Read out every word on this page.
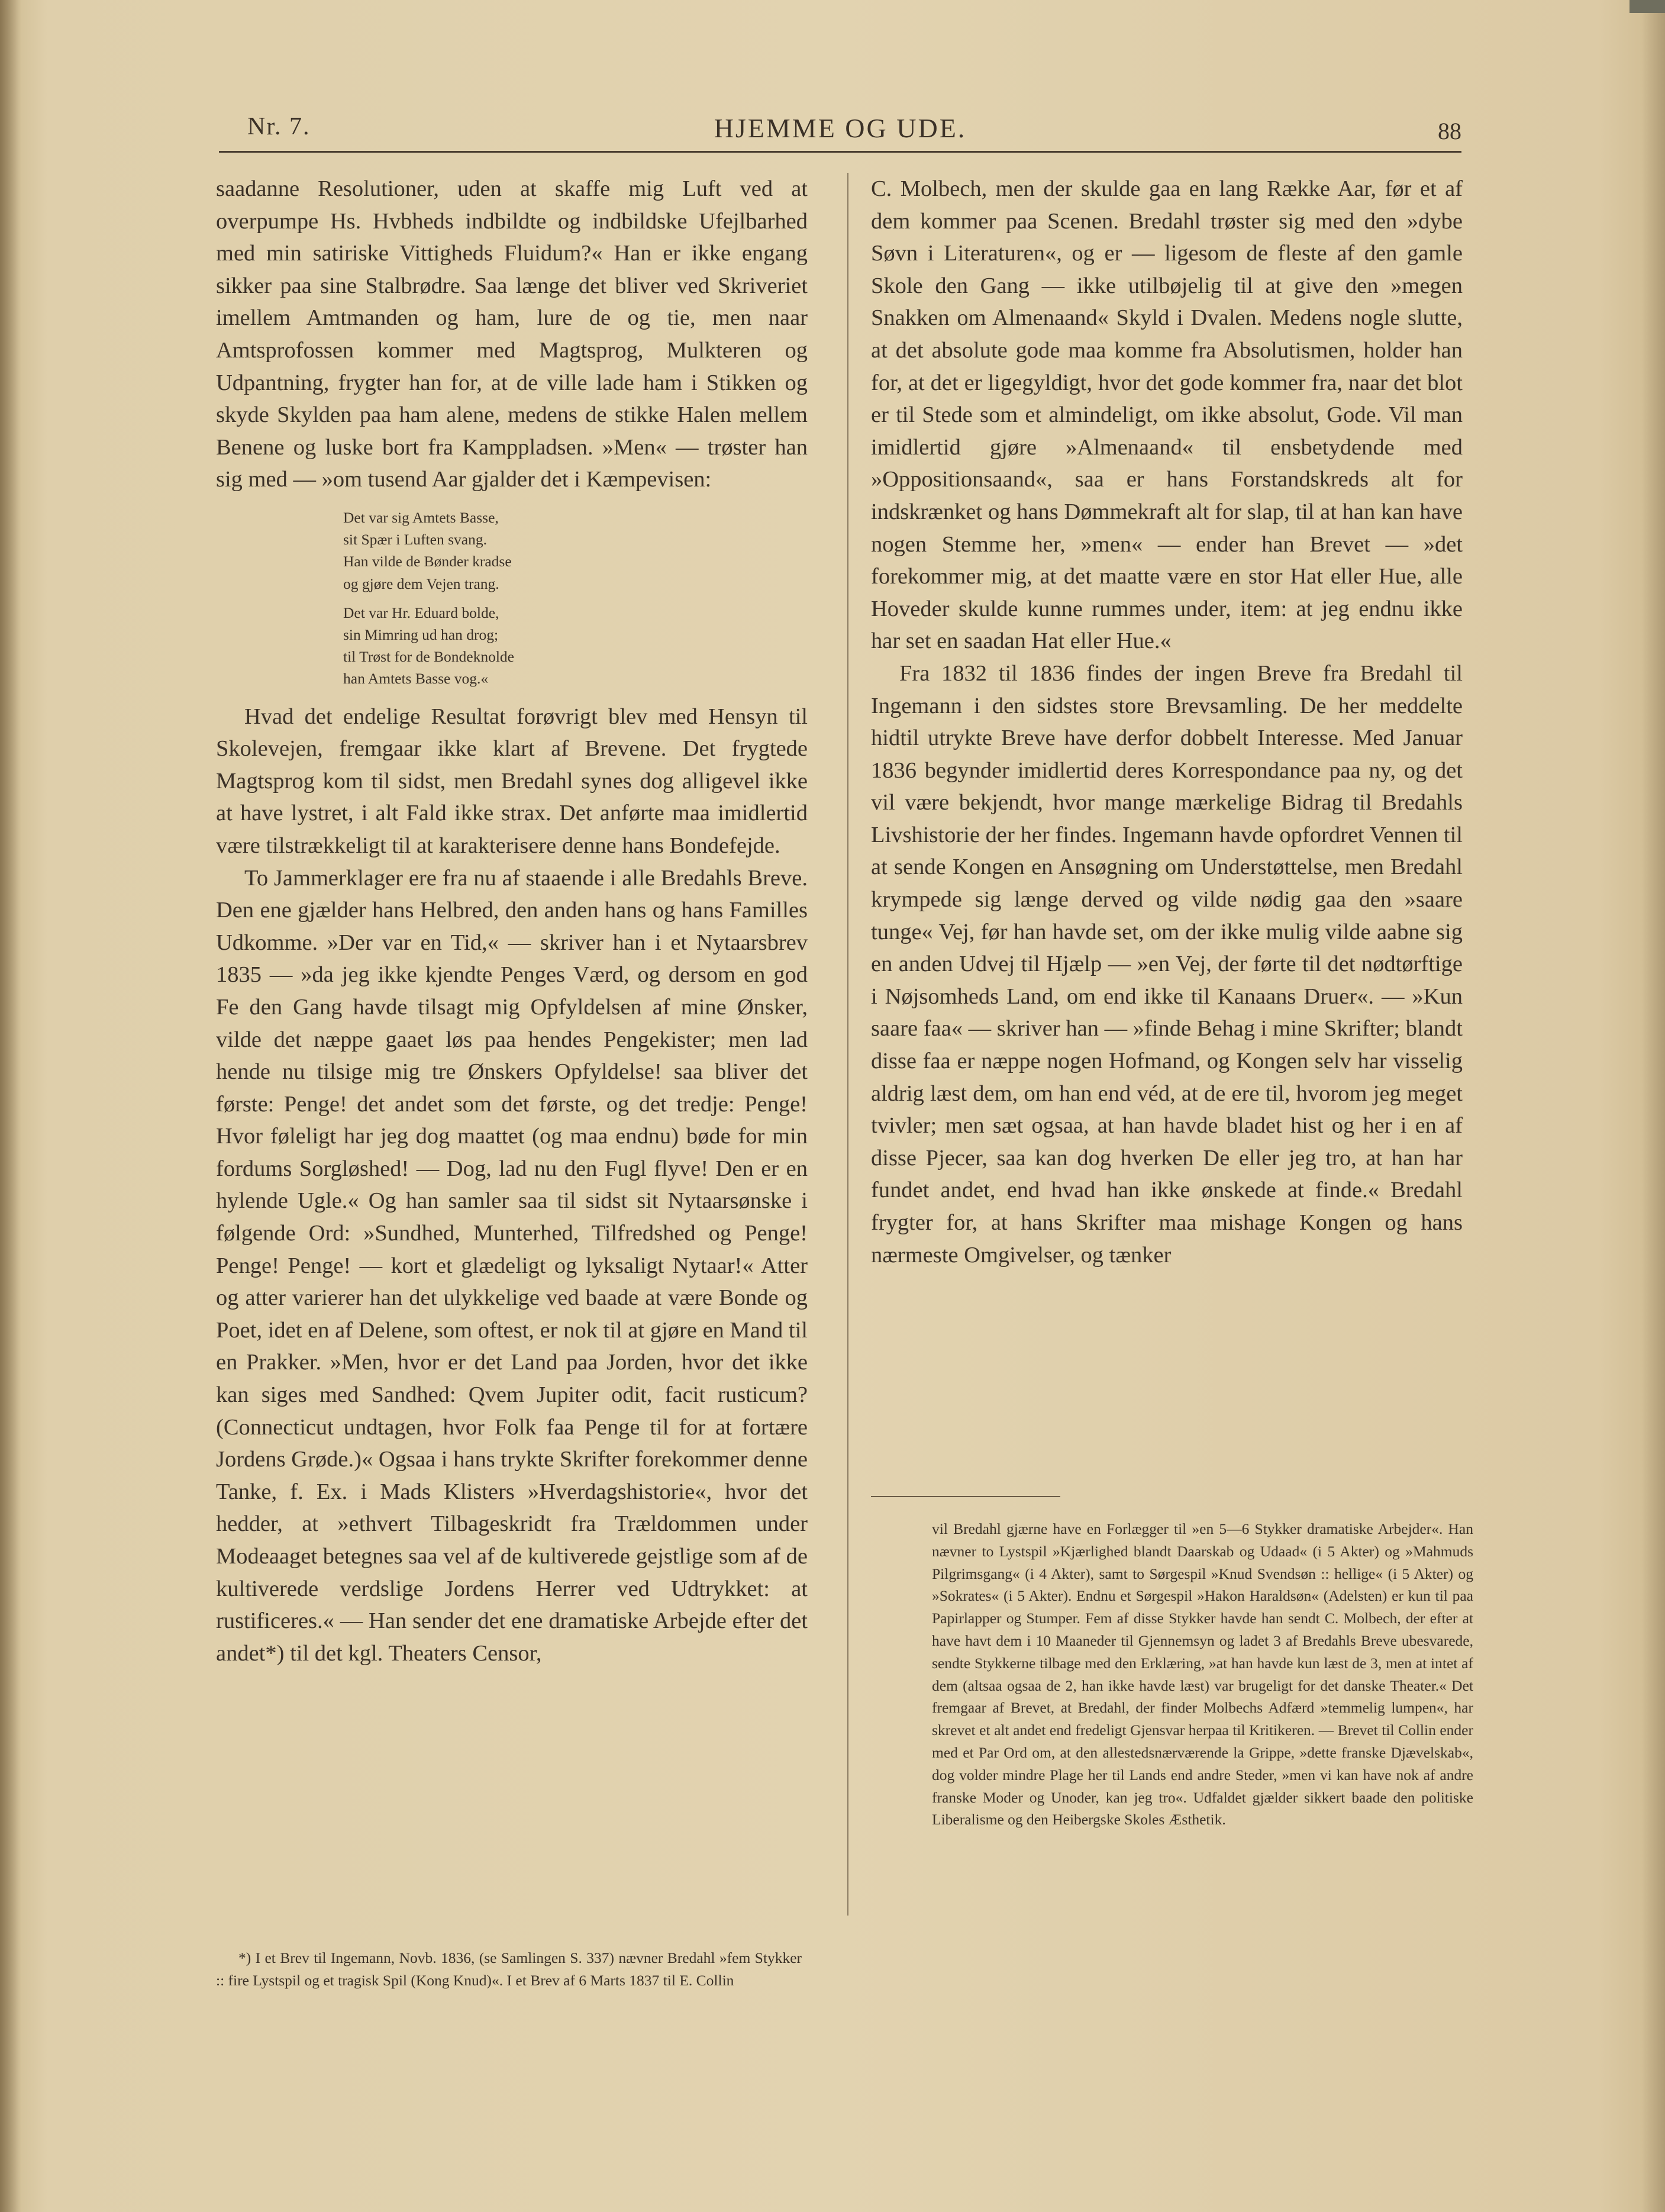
Nr. 7.	HJEMME OG UDE.	88

saadanne Resolutioner, uden at skaffe mig Luft ved at overpumpe Hs. Hvbheds indbildte og indbildske Ufejlbarhed med min satiriske Vittigheds Fluidum?« Han er ikke engang sikker paa sine Stalbrødre. Saa længe det bliver ved Skriveriet imellem Amtmanden og ham, lure de og tie, men naar Amtsprofossen kommer med Magtsprog, Mulkteren og Udpantning, frygter han for, at de ville lade ham i Stikken og skyde Skylden paa ham alene, medens de stikke Halen mellem Benene og luske bort fra Kamppladsen. »Men« — trøster han sig med — »om tusend Aar gjalder det i Kæmpevisen:

Det var sig Amtets Basse,
sit Spær i Luften svang.
Han vilde de Bønder kradse
og gjøre dem Vejen trang.
Det var Hr. Eduard bolde,
sin Mimring ud han drog;
til Trøst for de Bondeknolde
han Amtets Basse vog.«

Hvad det endelige Resultat forøvrigt blev med Hensyn til Skolevejen, fremgaar ikke klart af Brevene. Det frygtede Magtsprog kom til sidst, men Bredahl synes dog alligevel ikke at have lystret, i alt Fald ikke strax. Det anførte maa imidlertid være tilstrækkeligt til at karakterisere denne hans Bondefejde.

To Jammerklager ere fra nu af staaende i alle Bredahls Breve. Den ene gjælder hans Helbred, den anden hans og hans Familles Udkomme. »Der var en Tid,« — skriver han i et Nytaarsbrev 1835 — »da jeg ikke kjendte Penges Værd, og dersom en god Fe den Gang havde tilsagt mig Opfyldelsen af mine Ønsker, vilde det næppe gaaet løs paa hendes Pengekister; men lad hende nu tilsige mig tre Ønskers Opfyldelse! saa bliver det første: Penge! det andet som det første, og det tredje: Penge! Hvor føleligt har jeg dog maattet (og maa endnu) bøde for min fordums Sorgløshed! — Dog, lad nu den Fugl flyve! Den er en hylende Ugle.« Og han samler saa til sidst sit Nytaarsønske i følgende Ord: »Sundhed, Munterhed, Tilfredshed og Penge! Penge! Penge! — kort et glædeligt og lyksaligt Nytaar!« Atter og atter varierer han det ulykkelige ved baade at være Bonde og Poet, idet en af Delene, som oftest, er nok til at gjøre en Mand til en Prakker. »Men, hvor er det Land paa Jorden, hvor det ikke kan siges med Sandhed: Qvem Jupiter odit, facit rusticum? (Connecticut undtagen, hvor Folk faa Penge til for at fortære Jordens Grøde.)« Ogsaa i hans trykte Skrifter forekommer denne Tanke, f. Ex. i Mads Klisters »Hverdagshistorie«, hvor det hedder, at »ethvert Tilbageskridt fra Trældommen under Modeaaget betegnes saa vel af de kultiverede gejstlige som af de kultiverede verdslige Jordens Herrer ved Udtrykket: at rustificeres.« — Han sender det ene dramatiske Arbejde efter det andet*) til det kgl. Theaters Censor,

C. Molbech, men der skulde gaa en lang Række Aar, før et af dem kommer paa Scenen. Bredahl trøster sig med den »dybe Søvn i Literaturen«, og er — ligesom de fleste af den gamle Skole den Gang — ikke utilbøjelig til at give den »megen Snakken om Almenaand« Skyld i Dvalen. Medens nogle slutte, at det absolute gode maa komme fra Absolutismen, holder han for, at det er ligegyldigt, hvor det gode kommer fra, naar det blot er til Stede som et almindeligt, om ikke absolut, Gode. Vil man imidlertid gjøre »Almenaand« til ensbetydende med »Oppositionsaand«, saa er hans Forstandskreds alt for indskrænket og hans Dømmekraft alt for slap, til at han kan have nogen Stemme her, »men« — ender han Brevet — »det forekommer mig, at det maatte være en stor Hat eller Hue, alle Hoveder skulde kunne rummes under, item: at jeg endnu ikke har set en saadan Hat eller Hue.«

Fra 1832 til 1836 findes der ingen Breve fra Bredahl til Ingemann i den sidstes store Brevsamling. De her meddelte hidtil utrykte Breve have derfor dobbelt Interesse. Med Januar 1836 begynder imidlertid deres Korrespondance paa ny, og det vil være bekjendt, hvor mange mærkelige Bidrag til Bredahls Livshistorie der her findes. Ingemann havde opfordret Vennen til at sende Kongen en Ansøgning om Understøttelse, men Bredahl krympede sig længe derved og vilde nødig gaa den »saare tunge« Vej, før han havde set, om der ikke mulig vilde aabne sig en anden Udvej til Hjælp — »en Vej, der førte til det nødtørftige i Nøjsomheds Land, om end ikke til Kanaans Druer«. — »Kun saare faa« — skriver han — »finde Behag i mine Skrifter; blandt disse faa er næppe nogen Hofmand, og Kongen selv har visselig aldrig læst dem, om han end véd, at de ere til, hvorom jeg meget tvivler; men sæt ogsaa, at han havde bladet hist og her i en af disse Pjecer, saa kan dog hverken De eller jeg tro, at han har fundet andet, end hvad han ikke ønskede at finde.« Bredahl frygter for, at hans Skrifter maa mishage Kongen og hans nærmeste Omgivelser, og tænker

*) I et Brev til Ingemann, Novb. 1836, (se Samlingen S. 337) nævner Bredahl »fem Stykker :: fire Lystspil og et tragisk Spil (Kong Knud)«. I et Brev af 6 Marts 1837 til E. Collin

vil Bredahl gjærne have en Forlægger til »en 5—6 Stykker dramatiske Arbejder«. Han nævner to Lystspil »Kjærlighed blandt Daarskab og Udaad« (i 5 Akter) og »Mahmuds Pilgrimsgang« (i 4 Akter), samt to Sørgespil »Knud Svendsøn :: hellige« (i 5 Akter) og »Sokrates« (i 5 Akter). Endnu et Sørgespil »Hakon Haraldsøn« (Adelsten) er kun til paa Papirlapper og Stumper. Fem af disse Stykker havde han sendt C. Molbech, der efter at have havt dem i 10 Maaneder til Gjennemsyn og ladet 3 af Bredahls Breve ubesvarede, sendte Stykkerne tilbage med den Erklæring, »at han havde kun læst de 3, men at intet af dem (altsaa ogsaa de 2, han ikke havde læst) var brugeligt for det danske Theater.« Det fremgaar af Brevet, at Bredahl, der finder Molbechs Adfærd »temmelig lumpen«, har skrevet et alt andet end fredeligt Gjensvar herpaa til Kritikeren. — Brevet til Collin ender med et Par Ord om, at den allestedsnærværende la Grippe, »dette franske Djævelskab«, dog volder mindre Plage her til Lands end andre Steder, »men vi kan have nok af andre franske Moder og Unoder, kan jeg tro«. Udfaldet gjælder sikkert baade den politiske Liberalisme og den Heibergske Skoles Æsthetik.
